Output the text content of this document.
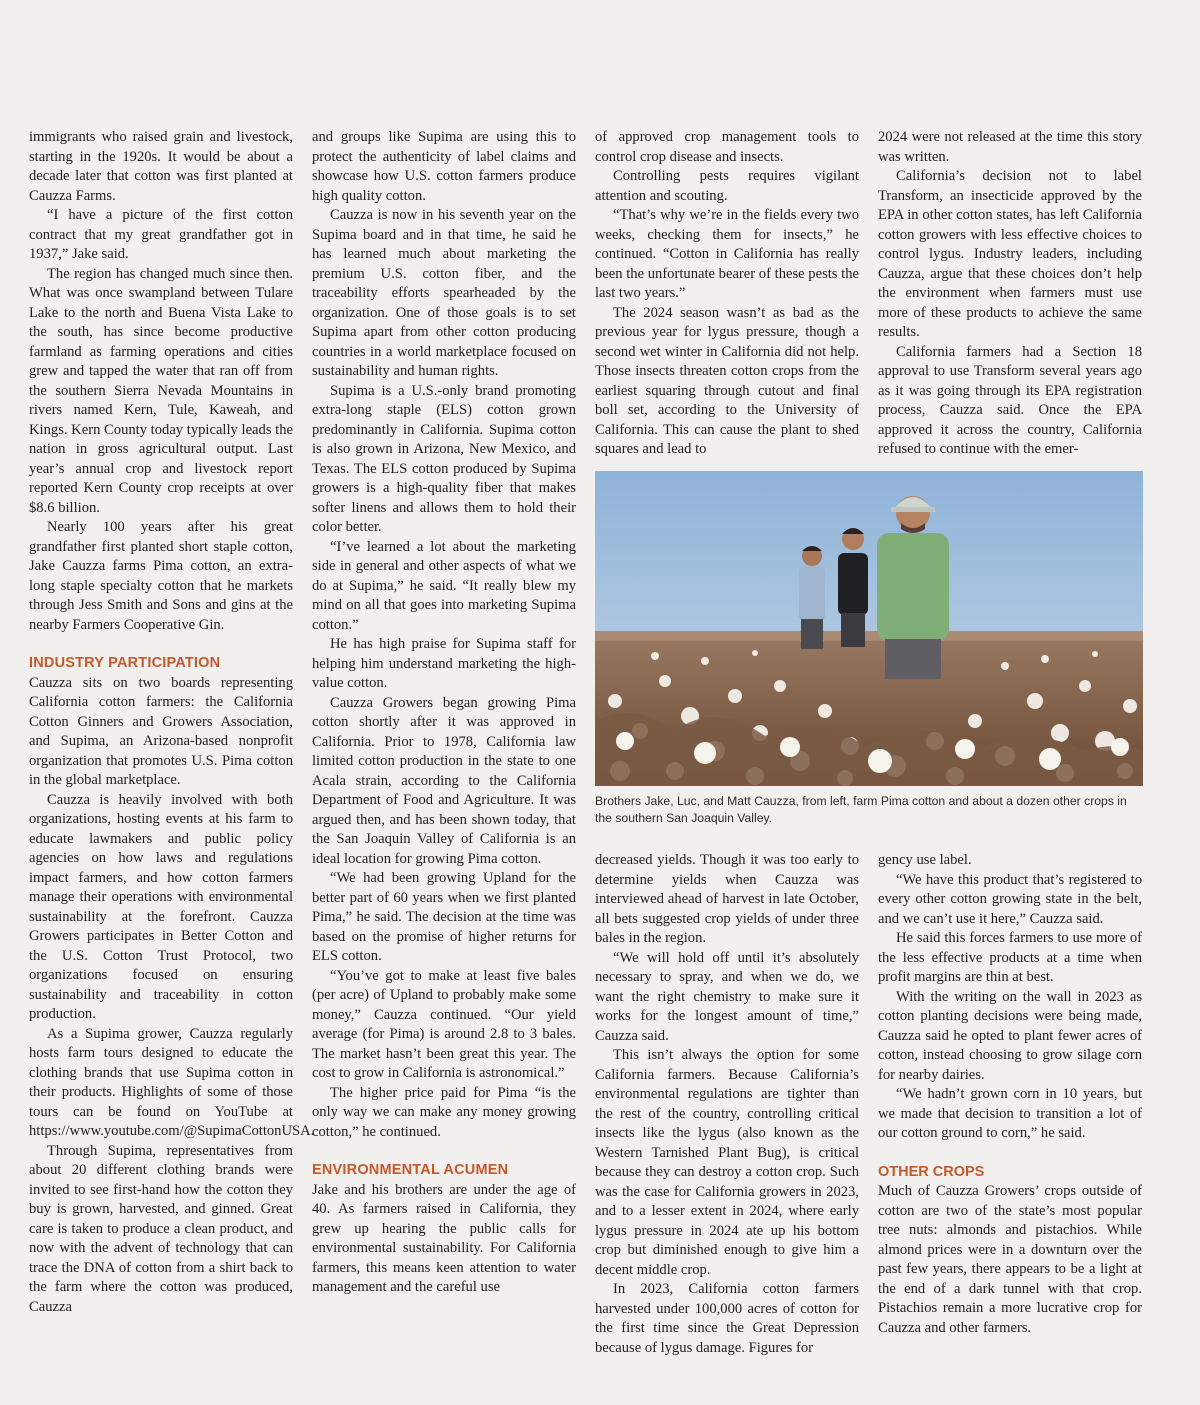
immigrants who raised grain and livestock, starting in the 1920s. It would be about a decade later that cotton was first planted at Cauzza Farms.

“I have a picture of the first cotton contract that my great grandfather got in 1937,” Jake said.

The region has changed much since then. What was once swampland between Tulare Lake to the north and Buena Vista Lake to the south, has since become productive farmland as farming operations and cities grew and tapped the water that ran off from the southern Sierra Nevada Mountains in rivers named Kern, Tule, Kaweah, and Kings. Kern County today typically leads the nation in gross agricultural output. Last year’s annual crop and livestock report reported Kern County crop receipts at over $8.6 billion.

Nearly 100 years after his great grandfather first planted short staple cotton, Jake Cauzza farms Pima cotton, an extra-long staple specialty cotton that he markets through Jess Smith and Sons and gins at the nearby Farmers Cooperative Gin.

INDUSTRY PARTICIPATION

Cauzza sits on two boards representing California cotton farmers: the California Cotton Ginners and Growers Association, and Supima, an Arizona-based nonprofit organization that promotes U.S. Pima cotton in the global marketplace.

Cauzza is heavily involved with both organizations, hosting events at his farm to educate lawmakers and public policy agencies on how laws and regulations impact farmers, and how cotton farmers manage their operations with environmental sustainability at the forefront. Cauzza Growers participates in Better Cotton and the U.S. Cotton Trust Protocol, two organizations focused on ensuring sustainability and traceability in cotton production.

As a Supima grower, Cauzza regularly hosts farm tours designed to educate the clothing brands that use Supima cotton in their products. Highlights of some of those tours can be found on YouTube at https://www.youtube.com/@SupimaCottonUSA.

Through Supima, representatives from about 20 different clothing brands were invited to see first-hand how the cotton they buy is grown, harvested, and ginned. Great care is taken to produce a clean product, and now with the advent of technology that can trace the DNA of cotton from a shirt back to the farm where the cotton was produced, Cauzza

and groups like Supima are using this to protect the authenticity of label claims and showcase how U.S. cotton farmers produce high quality cotton.

Cauzza is now in his seventh year on the Supima board and in that time, he said he has learned much about marketing the premium U.S. cotton fiber, and the traceability efforts spearheaded by the organization. One of those goals is to set Supima apart from other cotton producing countries in a world marketplace focused on sustainability and human rights.

Supima is a U.S.-only brand promoting extra-long staple (ELS) cotton grown predominantly in California. Supima cotton is also grown in Arizona, New Mexico, and Texas. The ELS cotton produced by Supima growers is a high-quality fiber that makes softer linens and allows them to hold their color better.

“I’ve learned a lot about the marketing side in general and other aspects of what we do at Supima,” he said. “It really blew my mind on all that goes into marketing Supima cotton.”

He has high praise for Supima staff for helping him understand marketing the high-value cotton.

Cauzza Growers began growing Pima cotton shortly after it was approved in California. Prior to 1978, California law limited cotton production in the state to one Acala strain, according to the California Department of Food and Agriculture. It was argued then, and has been shown today, that the San Joaquin Valley of California is an ideal location for growing Pima cotton.

“We had been growing Upland for the better part of 60 years when we first planted Pima,” he said. The decision at the time was based on the promise of higher returns for ELS cotton.

“You’ve got to make at least five bales (per acre) of Upland to probably make some money,” Cauzza continued. “Our yield average (for Pima) is around 2.8 to 3 bales. The market hasn’t been great this year. The cost to grow in California is astronomical.”

The higher price paid for Pima “is the only way we can make any money growing cotton,” he continued.

ENVIRONMENTAL ACUMEN

Jake and his brothers are under the age of 40. As farmers raised in California, they grew up hearing the public calls for environmental sustainability. For California farmers, this means keen attention to water management and the careful use

of approved crop management tools to control crop disease and insects.

Controlling pests requires vigilant attention and scouting.

“That’s why we’re in the fields every two weeks, checking them for insects,” he continued. “Cotton in California has really been the unfortunate bearer of these pests the last two years.”

The 2024 season wasn’t as bad as the previous year for lygus pressure, though a second wet winter in California did not help. Those insects threaten cotton crops from the earliest squaring through cutout and final boll set, according to the University of California. This can cause the plant to shed squares and lead to

2024 were not released at the time this story was written.

California’s decision not to label Transform, an insecticide approved by the EPA in other cotton states, has left California cotton growers with less effective choices to control lygus. Industry leaders, including Cauzza, argue that these choices don’t help the environment when farmers must use more of these products to achieve the same results.

California farmers had a Section 18 approval to use Transform several years ago as it was going through its EPA registration process, Cauzza said. Once the EPA approved it across the country, California refused to continue with the emer-

Brothers Jake, Luc, and Matt Cauzza, from left, farm Pima cotton and about a dozen other crops in the southern San Joaquin Valley.

decreased yields. Though it was too early to determine yields when Cauzza was interviewed ahead of harvest in late October, all bets suggested crop yields of under three bales in the region.

“We will hold off until it’s absolutely necessary to spray, and when we do, we want the right chemistry to make sure it works for the longest amount of time,” Cauzza said.

This isn’t always the option for some California farmers. Because California’s environmental regulations are tighter than the rest of the country, controlling critical insects like the lygus (also known as the Western Tarnished Plant Bug), is critical because they can destroy a cotton crop. Such was the case for California growers in 2023, and to a lesser extent in 2024, where early lygus pressure in 2024 ate up his bottom crop but diminished enough to give him a decent middle crop.

In 2023, California cotton farmers harvested under 100,000 acres of cotton for the first time since the Great Depression because of lygus damage. Figures for

gency use label.

“We have this product that’s registered to every other cotton growing state in the belt, and we can’t use it here,” Cauzza said.

He said this forces farmers to use more of the less effective products at a time when profit margins are thin at best.

With the writing on the wall in 2023 as cotton planting decisions were being made, Cauzza said he opted to plant fewer acres of cotton, instead choosing to grow silage corn for nearby dairies.

“We hadn’t grown corn in 10 years, but we made that decision to transition a lot of our cotton ground to corn,” he said.

OTHER CROPS

Much of Cauzza Growers’ crops outside of cotton are two of the state’s most popular tree nuts: almonds and pistachios. While almond prices were in a downturn over the past few years, there appears to be a light at the end of a dark tunnel with that crop. Pistachios remain a more lucrative crop for Cauzza and other farmers.
